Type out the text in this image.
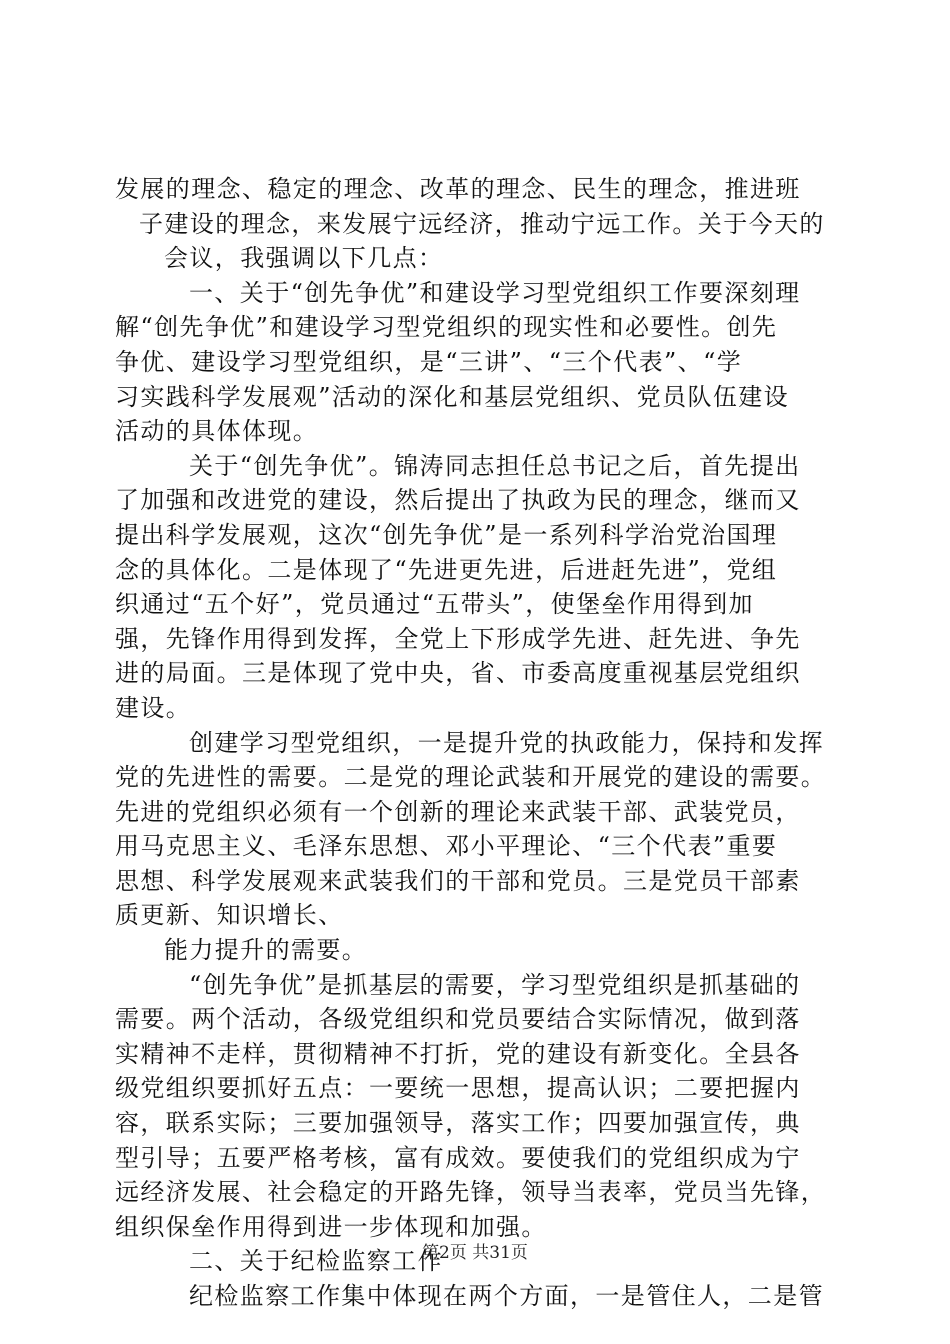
发展的理念、稳定的理念、改革的理念、民生的理念，推进班
子建设的理念，来发展宁远经济，推动宁远工作。关于今天的
会议，我强调以下几点：
一、关于“创先争优”和建设学习型党组织工作要深刻理
解“创先争优”和建设学习型党组织的现实性和必要性。创先
争优、建设学习型党组织，是“三讲”、“三个代表”、“学
习实践科学发展观”活动的深化和基层党组织、党员队伍建设
活动的具体体现。
关于“创先争优”。锦涛同志担任总书记之后，首先提出
了加强和改进党的建设，然后提出了执政为民的理念，继而又
提出科学发展观，这次“创先争优”是一系列科学治党治国理
念的具体化。二是体现了“先进更先进，后进赶先进”，党组
织通过“五个好”，党员通过“五带头”，使堡垒作用得到加
强，先锋作用得到发挥，全党上下形成学先进、赶先进、争先
进的局面。三是体现了党中央，省、市委高度重视基层党组织
建设。
创建学习型党组织，一是提升党的执政能力，保持和发挥
党的先进性的需要。二是党的理论武装和开展党的建设的需要。
先进的党组织必须有一个创新的理论来武装干部、武装党员，
用马克思主义、毛泽东思想、邓小平理论、“三个代表”重要
思想、科学发展观来武装我们的干部和党员。三是党员干部素
质更新、知识增长、
能力提升的需要。
“创先争优”是抓基层的需要，学习型党组织是抓基础的
需要。两个活动，各级党组织和党员要结合实际情况，做到落
实精神不走样，贯彻精神不打折，党的建设有新变化。全县各
级党组织要抓好五点：一要统一思想，提高认识；二要把握内
容，联系实际；三要加强领导，落实工作；四要加强宣传，典
型引导；五要严格考核，富有成效。要使我们的党组织成为宁
远经济发展、社会稳定的开路先锋，领导当表率，党员当先锋，
组织保垒作用得到进一步体现和加强。
二、关于纪检监察工作
纪检监察工作集中体现在两个方面，一是管住人，二是管
第2页 共31页
